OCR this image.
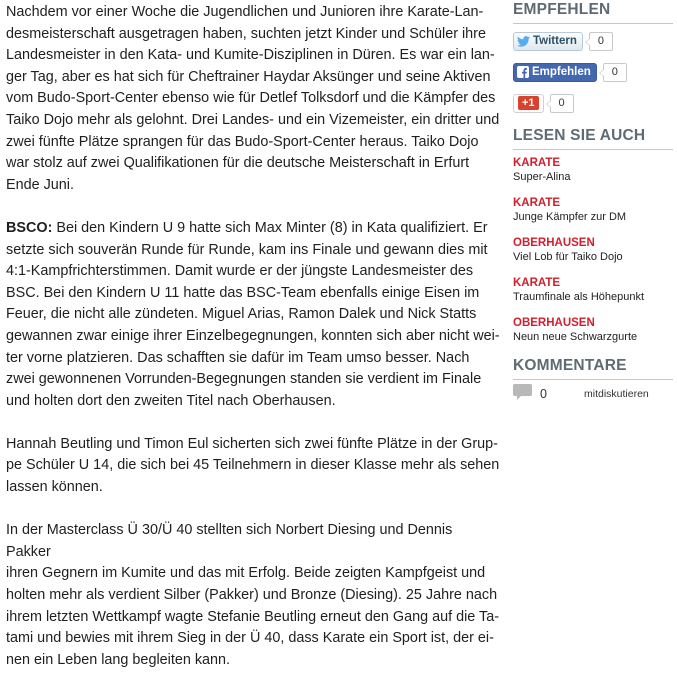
Nachdem vor einer Woche die Jugendlichen und Junioren ihre Karate-Lan-
desmeisterschaft ausgetragen haben, suchten jetzt Kinder und Schüler ihre
Landesmeister in den Kata- und Kumite-Disziplinen in Düren. Es war ein lan-
ger Tag, aber es hat sich für Cheftrainer Haydar Aksünger und seine Aktiven
vom Budo-Sport-Center ebenso wie für Detlef Tolksdorf und die Kämpfer des
Taiko Dojo mehr als gelohnt. Drei Landes- und ein Vizemeister, ein dritter und
zwei fünfte Plätze sprangen für das Budo-Sport-Center heraus. Taiko Dojo
war stolz auf zwei Qualifikationen für die deutsche Meisterschaft in Erfurt
Ende Juni.

BSCO: Bei den Kindern U 9 hatte sich Max Minter (8) in Kata qualifiziert. Er
setzte sich souverän Runde für Runde, kam ins Finale und gewann dies mit
4:1-Kampfrichterstimmen. Damit wurde er der jüngste Landesmeister des
BSC. Bei den Kindern U 11 hatte das BSC-Team ebenfalls einige Eisen im
Feuer, die nicht alle zündeten. Miguel Arias, Ramon Dalek und Nick Statts
gewannen zwar einige ihrer Einzelbegegnungen, konnten sich aber nicht wei-
ter vorne platzieren. Das schafften sie dafür im Team umso besser. Nach
zwei gewonnenen Vorrunden-Begegnungen standen sie verdient im Finale
und holten dort den zweiten Titel nach Oberhausen.

Hannah Beutling und Timon Eul sicherten sich zwei fünfte Plätze in der Grup-
pe Schüler U 14, die sich bei 45 Teilnehmern in dieser Klasse mehr als sehen
lassen können.

In der Masterclass Ü 30/Ü 40 stellten sich Norbert Diesing und Dennis Pakker
ihren Gegnern im Kumite und das mit Erfolg. Beide zeigten Kampfgeist und
holten mehr als verdient Silber (Pakker) und Bronze (Diesing). 25 Jahre nach
ihrem letzten Wettkampf wagte Stefanie Beutling erneut den Gang auf die Ta-
tami und bewies mit ihrem Sieg in der Ü 40, dass Karate ein Sport ist, der ei-
nen ein Leben lang begleiten kann.

EMPFEHLEN
Twittern	0
Empfehlen	0
+1	0
LESEN SIE AUCH
KARATE
Super-Alina
KARATE
Junge Kämpfer zur DM
OBERHAUSEN
Viel Lob für Taiko Dojo
KARATE
Traumfinale als Höhepunkt
OBERHAUSEN
Neun neue Schwarzgurte
KOMMENTARE
0	mitdiskutieren
